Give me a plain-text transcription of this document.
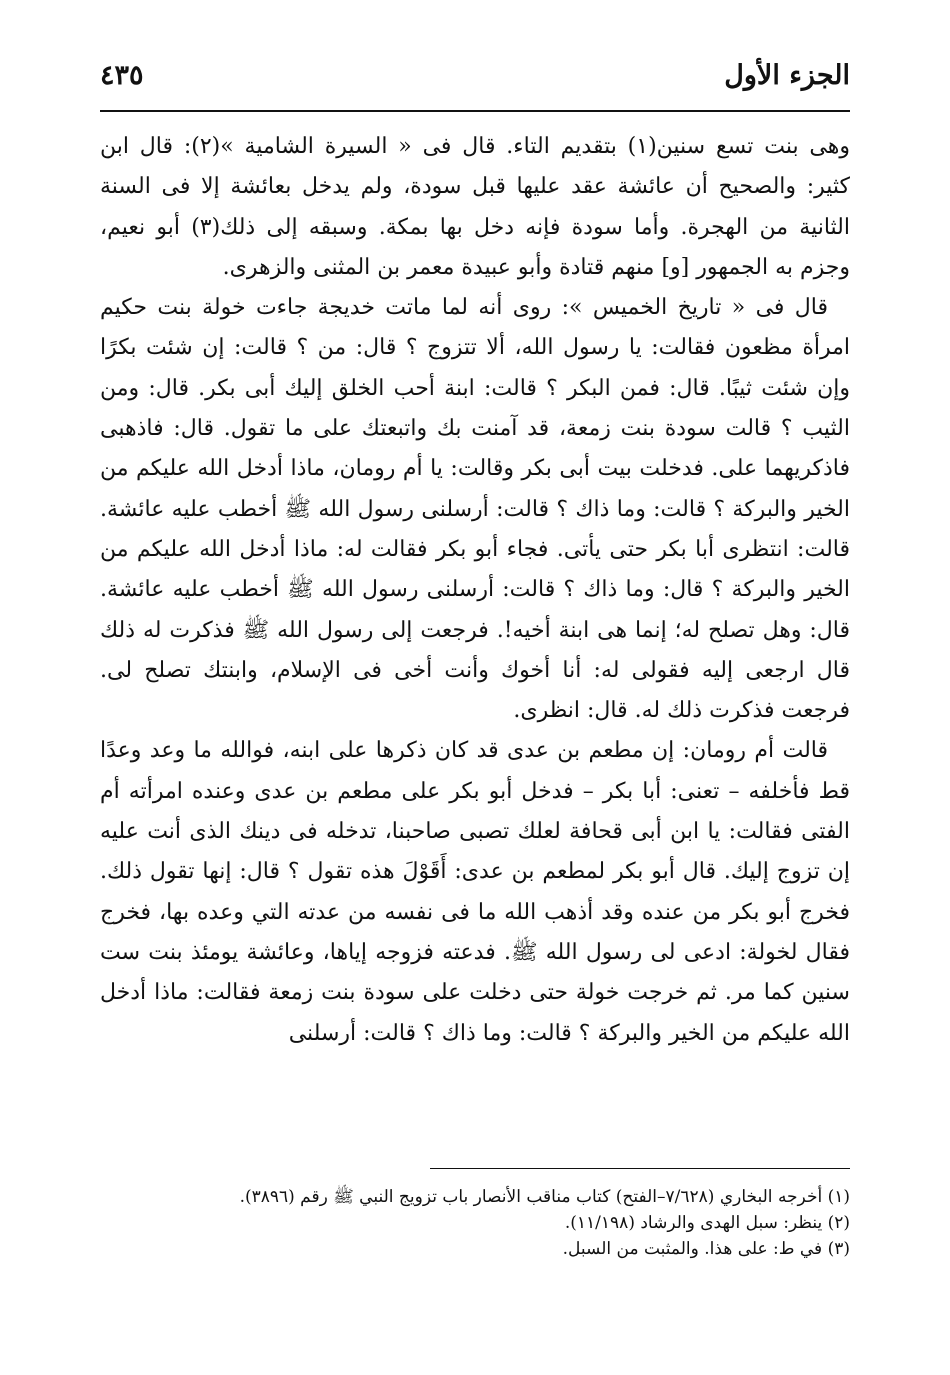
الجزء الأول
٤٣٥

وهى بنت تسع سنين(١) بتقديم التاء. قال فى « السيرة الشامية »(٢): قال ابن كثير: والصحيح أن عائشة عقد عليها قبل سودة، ولم يدخل بعائشة إلا فى السنة الثانية من الهجرة. وأما سودة فإنه دخل بها بمكة. وسبقه إلى ذلك(٣) أبو نعيم، وجزم به الجمهور [و] منهم قتادة وأبو عبيدة معمر بن المثنى والزهرى.

قال فى « تاريخ الخميس »: روى أنه لما ماتت خديجة جاءت خولة بنت حكيم امرأة مظعون فقالت: يا رسول الله، ألا تتزوج ؟ قال: من ؟ قالت: إن شئت بكرًا وإن شئت ثيبًا. قال: فمن البكر ؟ قالت: ابنة أحب الخلق إليك أبى بكر. قال: ومن الثيب ؟ قالت سودة بنت زمعة، قد آمنت بك واتبعتك على ما تقول. قال: فاذهبى فاذكريهما على. فدخلت بيت أبى بكر وقالت: يا أم رومان، ماذا أدخل الله عليكم من الخير والبركة ؟ قالت: وما ذاك ؟ قالت: أرسلنى رسول الله ﷺ أخطب عليه عائشة. قالت: انتظرى أبا بكر حتى يأتى. فجاء أبو بكر فقالت له: ماذا أدخل الله عليكم من الخير والبركة ؟ قال: وما ذاك ؟ قالت: أرسلنى رسول الله ﷺ أخطب عليه عائشة. قال: وهل تصلح له؛ إنما هى ابنة أخيه!. فرجعت إلى رسول الله ﷺ فذكرت له ذلك قال ارجعى إليه فقولى له: أنا أخوك وأنت أخى فى الإسلام، وابنتك تصلح لى. فرجعت فذكرت ذلك له. قال: انظرى.

قالت أم رومان: إن مطعم بن عدى قد كان ذكرها على ابنه، فوالله ما وعد وعدًا قط فأخلفه – تعنى: أبا بكر – فدخل أبو بكر على مطعم بن عدى وعنده امرأته أم الفتى فقالت: يا ابن أبى قحافة لعلك تصبى صاحبنا، تدخله فى دينك الذى أنت عليه إن تزوج إليك. قال أبو بكر لمطعم بن عدى: أَقَوْلَ هذه تقول ؟ قال: إنها تقول ذلك. فخرج أبو بكر من عنده وقد أذهب الله ما فى نفسه من عدته التي وعده بها، فخرج فقال لخولة: ادعى لى رسول الله ﷺ. فدعته فزوجه إياها، وعائشة يومئذ بنت ست سنين كما مر. ثم خرجت خولة حتى دخلت على سودة بنت زمعة فقالت: ماذا أدخل الله عليكم من الخير والبركة ؟ قالت: وما ذاك ؟ قالت: أرسلنى

(١) أخرجه البخاري (٧/٦٢٨–الفتح) كتاب مناقب الأنصار باب تزويج النبي ﷺ رقم (٣٨٩٦).
(٢) ينظر: سبل الهدى والرشاد (١١/١٩٨).
(٣) في ط: على هذا. والمثبت من السبل.
